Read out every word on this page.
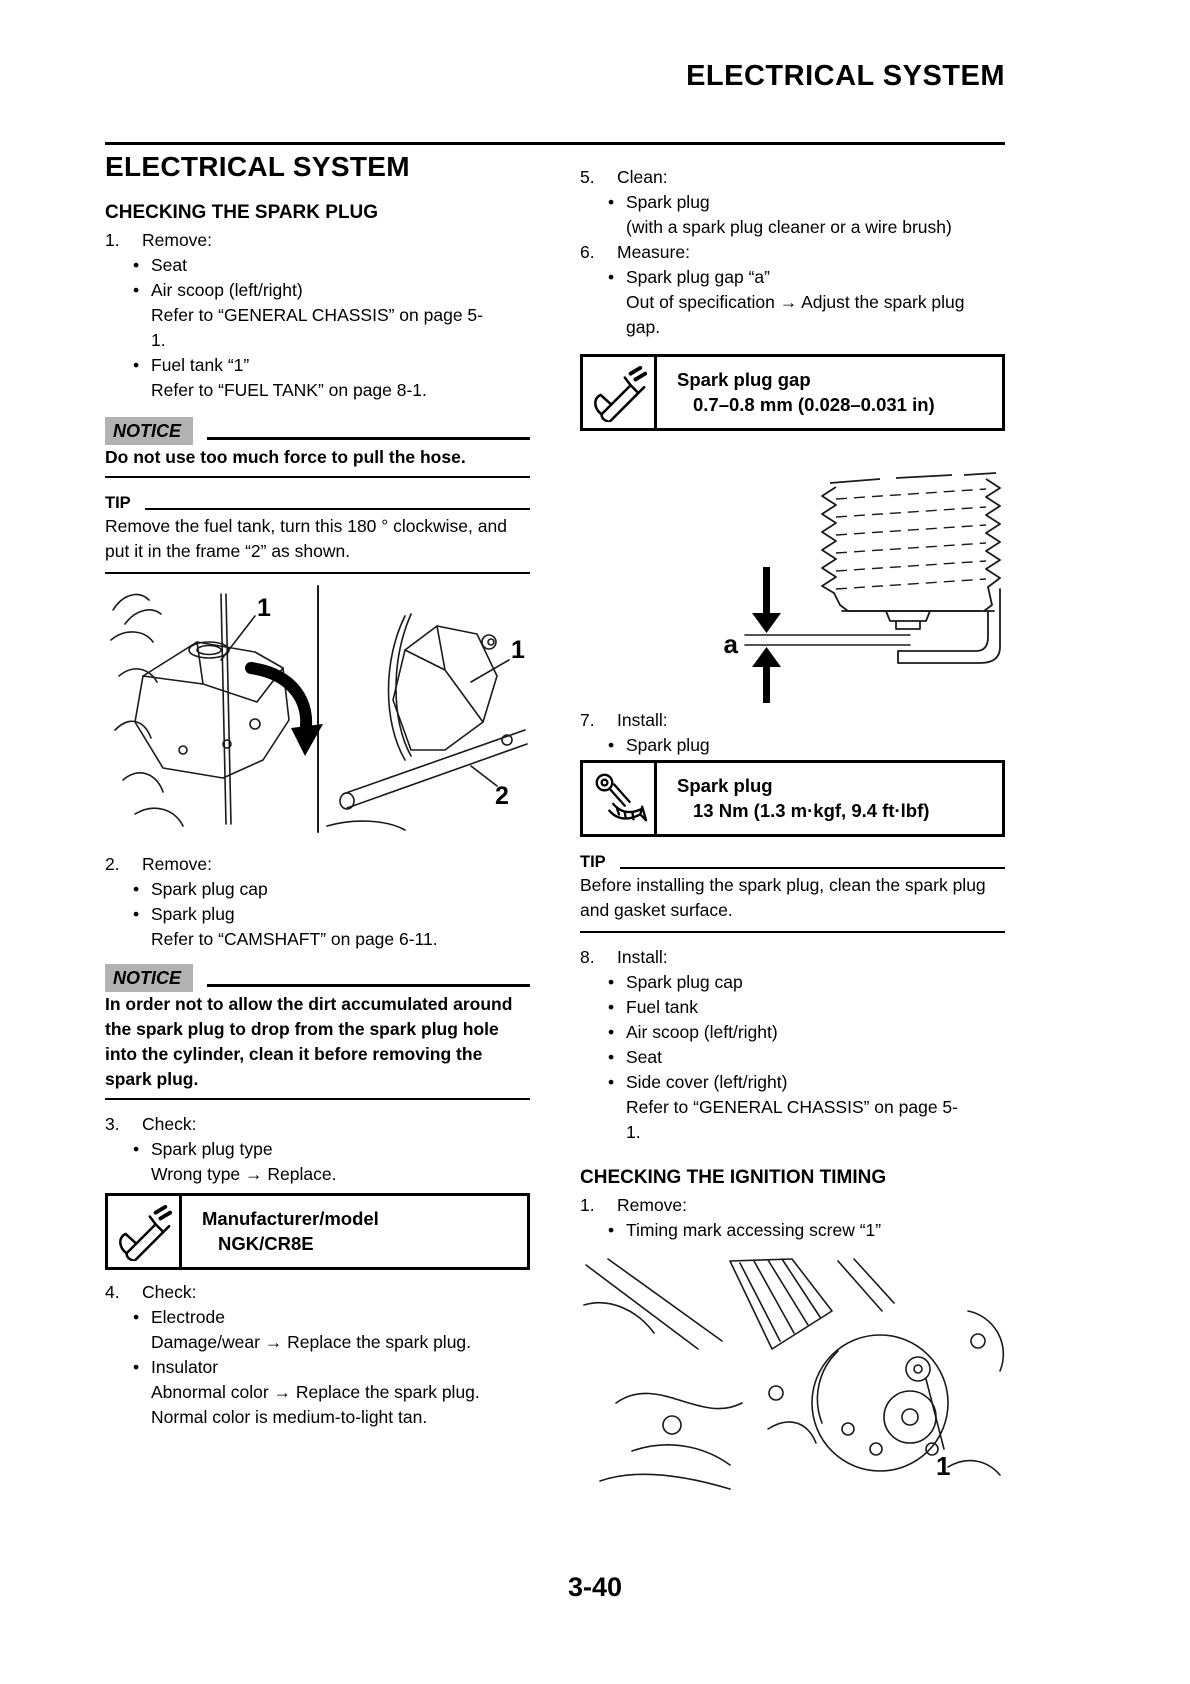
ELECTRICAL SYSTEM
ELECTRICAL SYSTEM
CHECKING THE SPARK PLUG
1.	Remove:
• Seat
• Air scoop (left/right)
Refer to “GENERAL CHASSIS” on page 5-
1.
• Fuel tank “1”
Refer to “FUEL TANK” on page 8-1.
NOTICE
Do not use too much force to pull the hose.
TIP
Remove the fuel tank, turn this 180 ° clockwise, and put it in the frame “2” as shown.
1
1
2
2.	Remove:
• Spark plug cap
• Spark plug
Refer to “CAMSHAFT” on page 6-11.
NOTICE
In order not to allow the dirt accumulated around the spark plug to drop from the spark plug hole into the cylinder, clean it before removing the spark plug.
3.	Check:
• Spark plug type
Wrong type → Replace.
Manufacturer/model
NGK/CR8E
4.	Check:
• Electrode
Damage/wear → Replace the spark plug.
• Insulator
Abnormal color → Replace the spark plug.
Normal color is medium-to-light tan.
5.	Clean:
• Spark plug
(with a spark plug cleaner or a wire brush)
6.	Measure:
• Spark plug gap “a”
Out of specification → Adjust the spark plug
gap.
Spark plug gap
0.7–0.8 mm (0.028–0.031 in)
a
7.	Install:
• Spark plug
Spark plug
13 Nm (1.3 m·kgf, 9.4 ft·lbf)
TIP
Before installing the spark plug, clean the spark plug and gasket surface.
8.	Install:
• Spark plug cap
• Fuel tank
• Air scoop (left/right)
• Seat
• Side cover (left/right)
Refer to “GENERAL CHASSIS” on page 5-
1.
CHECKING THE IGNITION TIMING
1.	Remove:
• Timing mark accessing screw “1”
1
3-40
